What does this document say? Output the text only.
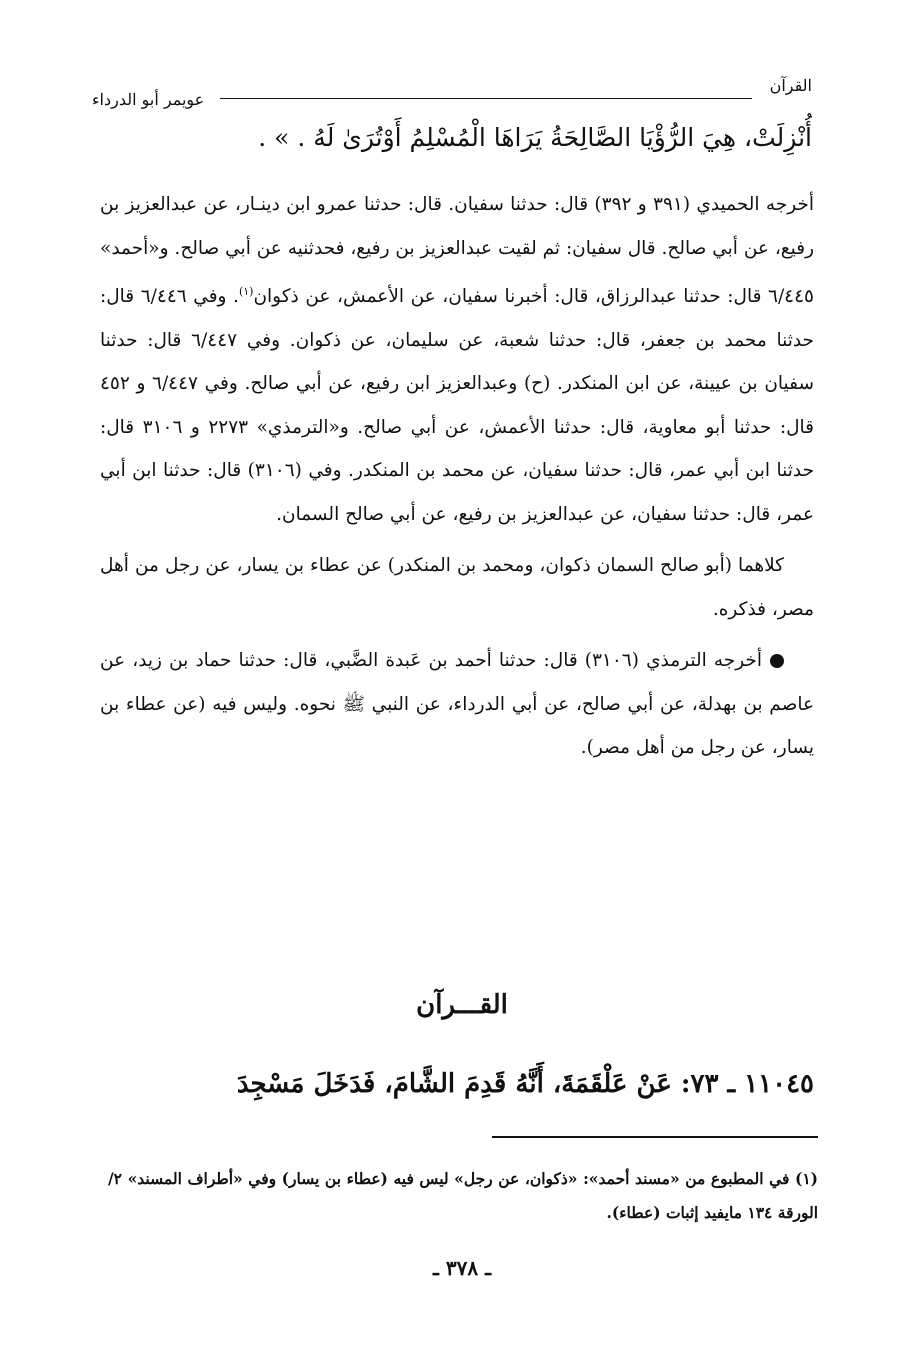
القرآن
عويمر أبو الدرداء
أُنْزِلَتْ، هِيَ الرُّؤْيَا الصَّالِحَةُ يَرَاهَا الْمُسْلِمُ أَوْتُرَىٰ لَهُ . » .

أخرجه الحميدي (٣٩١ و ٣٩٢) قال: حدثنا سفيان. قال: حدثنا عمرو ابن دينـار، عن عبدالعزيز بن رفيع، عن أبي صالح. قال سفيان: ثم لقيت عبدالعزيز بن رفيع، فحدثنيه عن أبي صالح. و«أحمد» ٦/٤٤٥ قال: حدثنا عبدالرزاق، قال: أخبرنا سفيان، عن الأعمش، عن ذكوان$^{(١)}$. وفي ٦/٤٤٦ قال: حدثنا محمد بن جعفر، قال: حدثنا شعبة، عن سليمان، عن ذكوان. وفي ٦/٤٤٧ قال: حدثنا سفيان بن عيينة، عن ابن المنكدر. (ح) وعبدالعزيز ابن رفيع، عن أبي صالح. وفي ٦/٤٤٧ و ٤٥٢ قال: حدثنا أبو معاوية، قال: حدثنا الأعمش، عن أبي صالح. و«الترمذي» ٢٢٧٣ و ٣١٠٦ قال: حدثنا ابن أبي عمر، قال: حدثنا سفيان، عن محمد بن المنكدر. وفي (٣١٠٦) قال: حدثنا ابن أبي عمر، قال: حدثنا سفيان، عن عبدالعزيز بن رفيع، عن أبي صالح السمان.

كلاهما (أبو صالح السمان ذكوان، ومحمد بن المنكدر) عن عطاء بن يسار، عن رجل من أهل مصر، فذكره.

أخرجه الترمذي (٣١٠٦) قال: حدثنا أحمد بن عَبدة الضَّبي، قال: حدثنا حماد بن زيد، عن عاصم بن بهدلة، عن أبي صالح، عن أبي الدرداء، عن النبي ﷺ نحوه. وليس فيه (عن عطاء بن يسار، عن رجل من أهل مصر).

القـــرآن
١١٠٤٥ ـ ٧٣: عَنْ عَلْقَمَةَ، أَنَّهُ قَدِمَ الشَّامَ، فَدَخَلَ مَسْجِدَ

(١) في المطبوع من «مسند أحمد»: «ذكوان، عن رجل» ليس فيه (عطاء بن يسار) وفي «أطراف المسند» ٢/الورقة ١٣٤ مايفيد إثبات (عطاء).

ـ ٣٧٨ ـ
